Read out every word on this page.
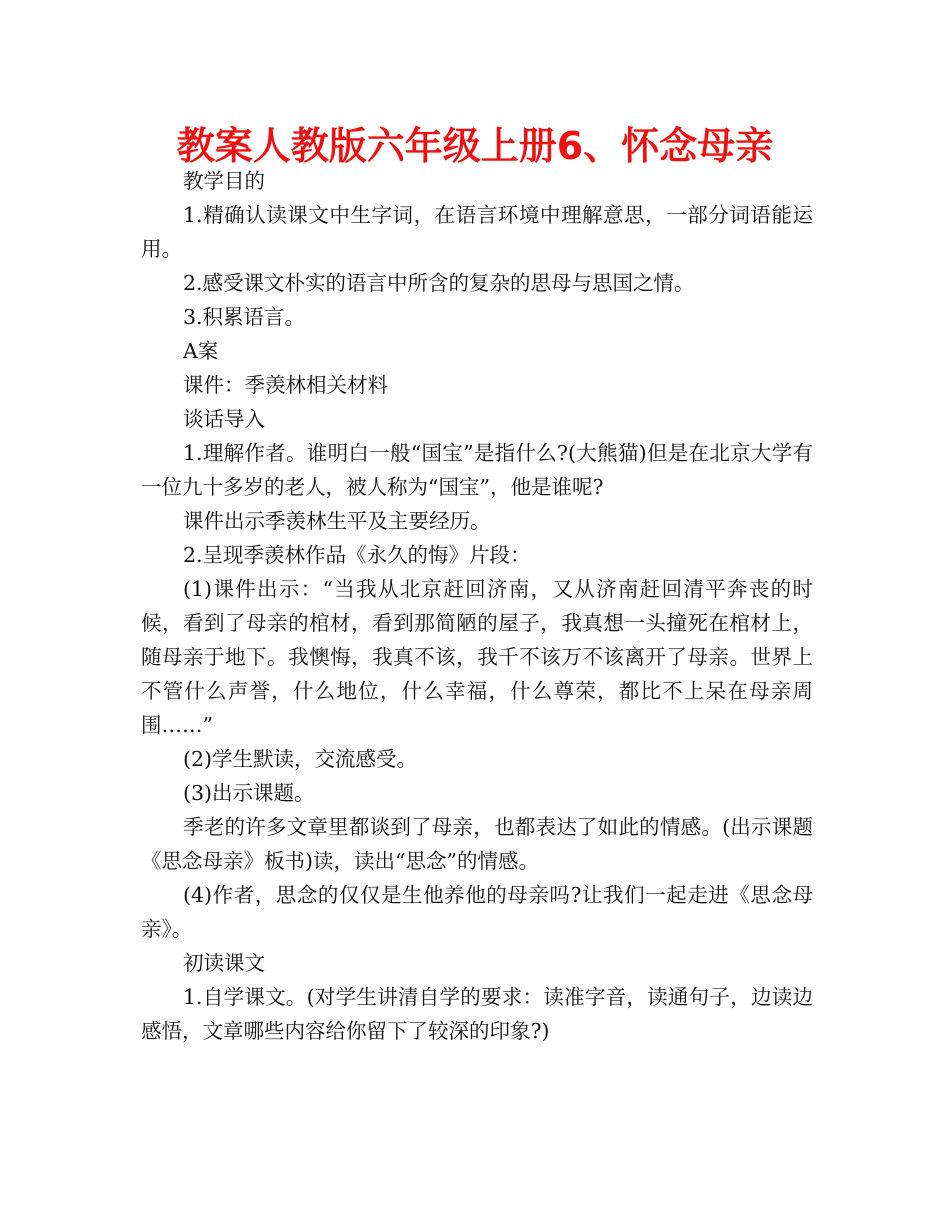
教案人教版六年级上册6、怀念母亲

教学目的

1.精确认读课文中生字词，在语言环境中理解意思，一部分词语能运用。

2.感受课文朴实的语言中所含的复杂的思母与思国之情。

3.积累语言。

A案

课件：季羡林相关材料

谈话导入

1.理解作者。谁明白一般“国宝”是指什么?(大熊猫)但是在北京大学有一位九十多岁的老人，被人称为“国宝”，他是谁呢?

课件出示季羡林生平及主要经历。

2.呈现季羡林作品《永久的悔》片段：

(1)课件出示：“当我从北京赶回济南，又从济南赶回清平奔丧的时候，看到了母亲的棺材，看到那简陋的屋子，我真想一头撞死在棺材上，随母亲于地下。我懊悔，我真不该，我千不该万不该离开了母亲。世界上不管什么声誉，什么地位，什么幸福，什么尊荣，都比不上呆在母亲周围……”

(2)学生默读，交流感受。

(3)出示课题。

季老的许多文章里都谈到了母亲，也都表达了如此的情感。(出示课题《思念母亲》板书)读，读出“思念”的情感。

(4)作者，思念的仅仅是生他养他的母亲吗?让我们一起走进《思念母亲》。

初读课文

1.自学课文。(对学生讲清自学的要求：读准字音，读通句子，边读边感悟，文章哪些内容给你留下了较深的印象?)
